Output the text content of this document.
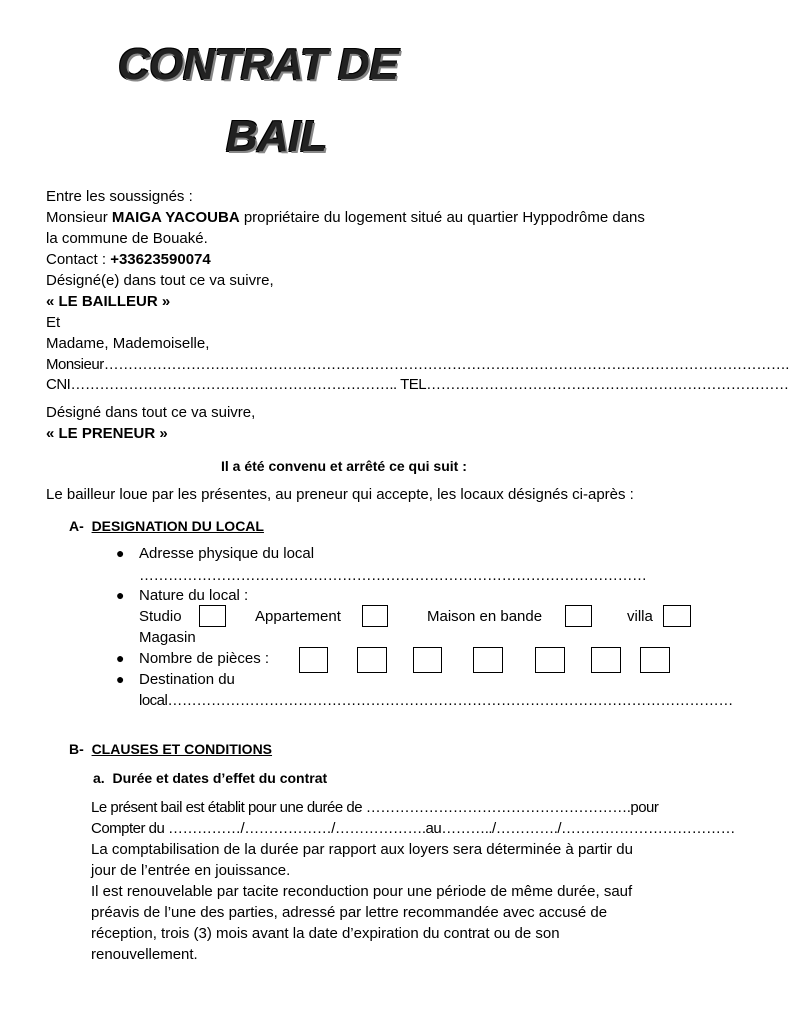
CONTRAT DE
BAIL
Entre les soussignés :
Monsieur MAIGA YACOUBA propriétaire du logement situé au quartier Hyppodrôme dans
la commune de Bouaké.
Contact : +33623590074
Désigné(e) dans tout ce va suivre,
« LE BAILLEUR »
Et
Madame, Mademoiselle,
Monsieur…………………………………………………………………………………………………………………………….
CNI………………………………………………………….. TEL…………………………………………………………………
Désigné dans tout ce va suivre,
« LE PRENEUR »
Il a été convenu et arrêté ce qui suit :
Le bailleur loue par les présentes, au preneur qui accepte, les locaux désignés ci-après :
A- DESIGNATION DU LOCAL
● Adresse physique du local
……………………………………………………………………………………………
● Nature du local :
Studio	Appartement	Maison en bande	villa
Magasin
● Nombre de pièces :
● Destination du
local………………………………………………………………………………………………………
B- CLAUSES ET CONDITIONS
a. Durée et dates d’effet du contrat
Le présent bail est établit pour une durée de ……………………………………………….pour
Compter du ……………/………………/……………….au………../…………./………………………………
La comptabilisation de la durée par rapport aux loyers sera déterminée à partir du
jour de l’entrée en jouissance.
Il est renouvelable par tacite reconduction pour une période de même durée, sauf
préavis de l’une des parties, adressé par lettre recommandée avec accusé de
réception, trois (3) mois avant la date d’expiration du contrat ou de son
renouvellement.
